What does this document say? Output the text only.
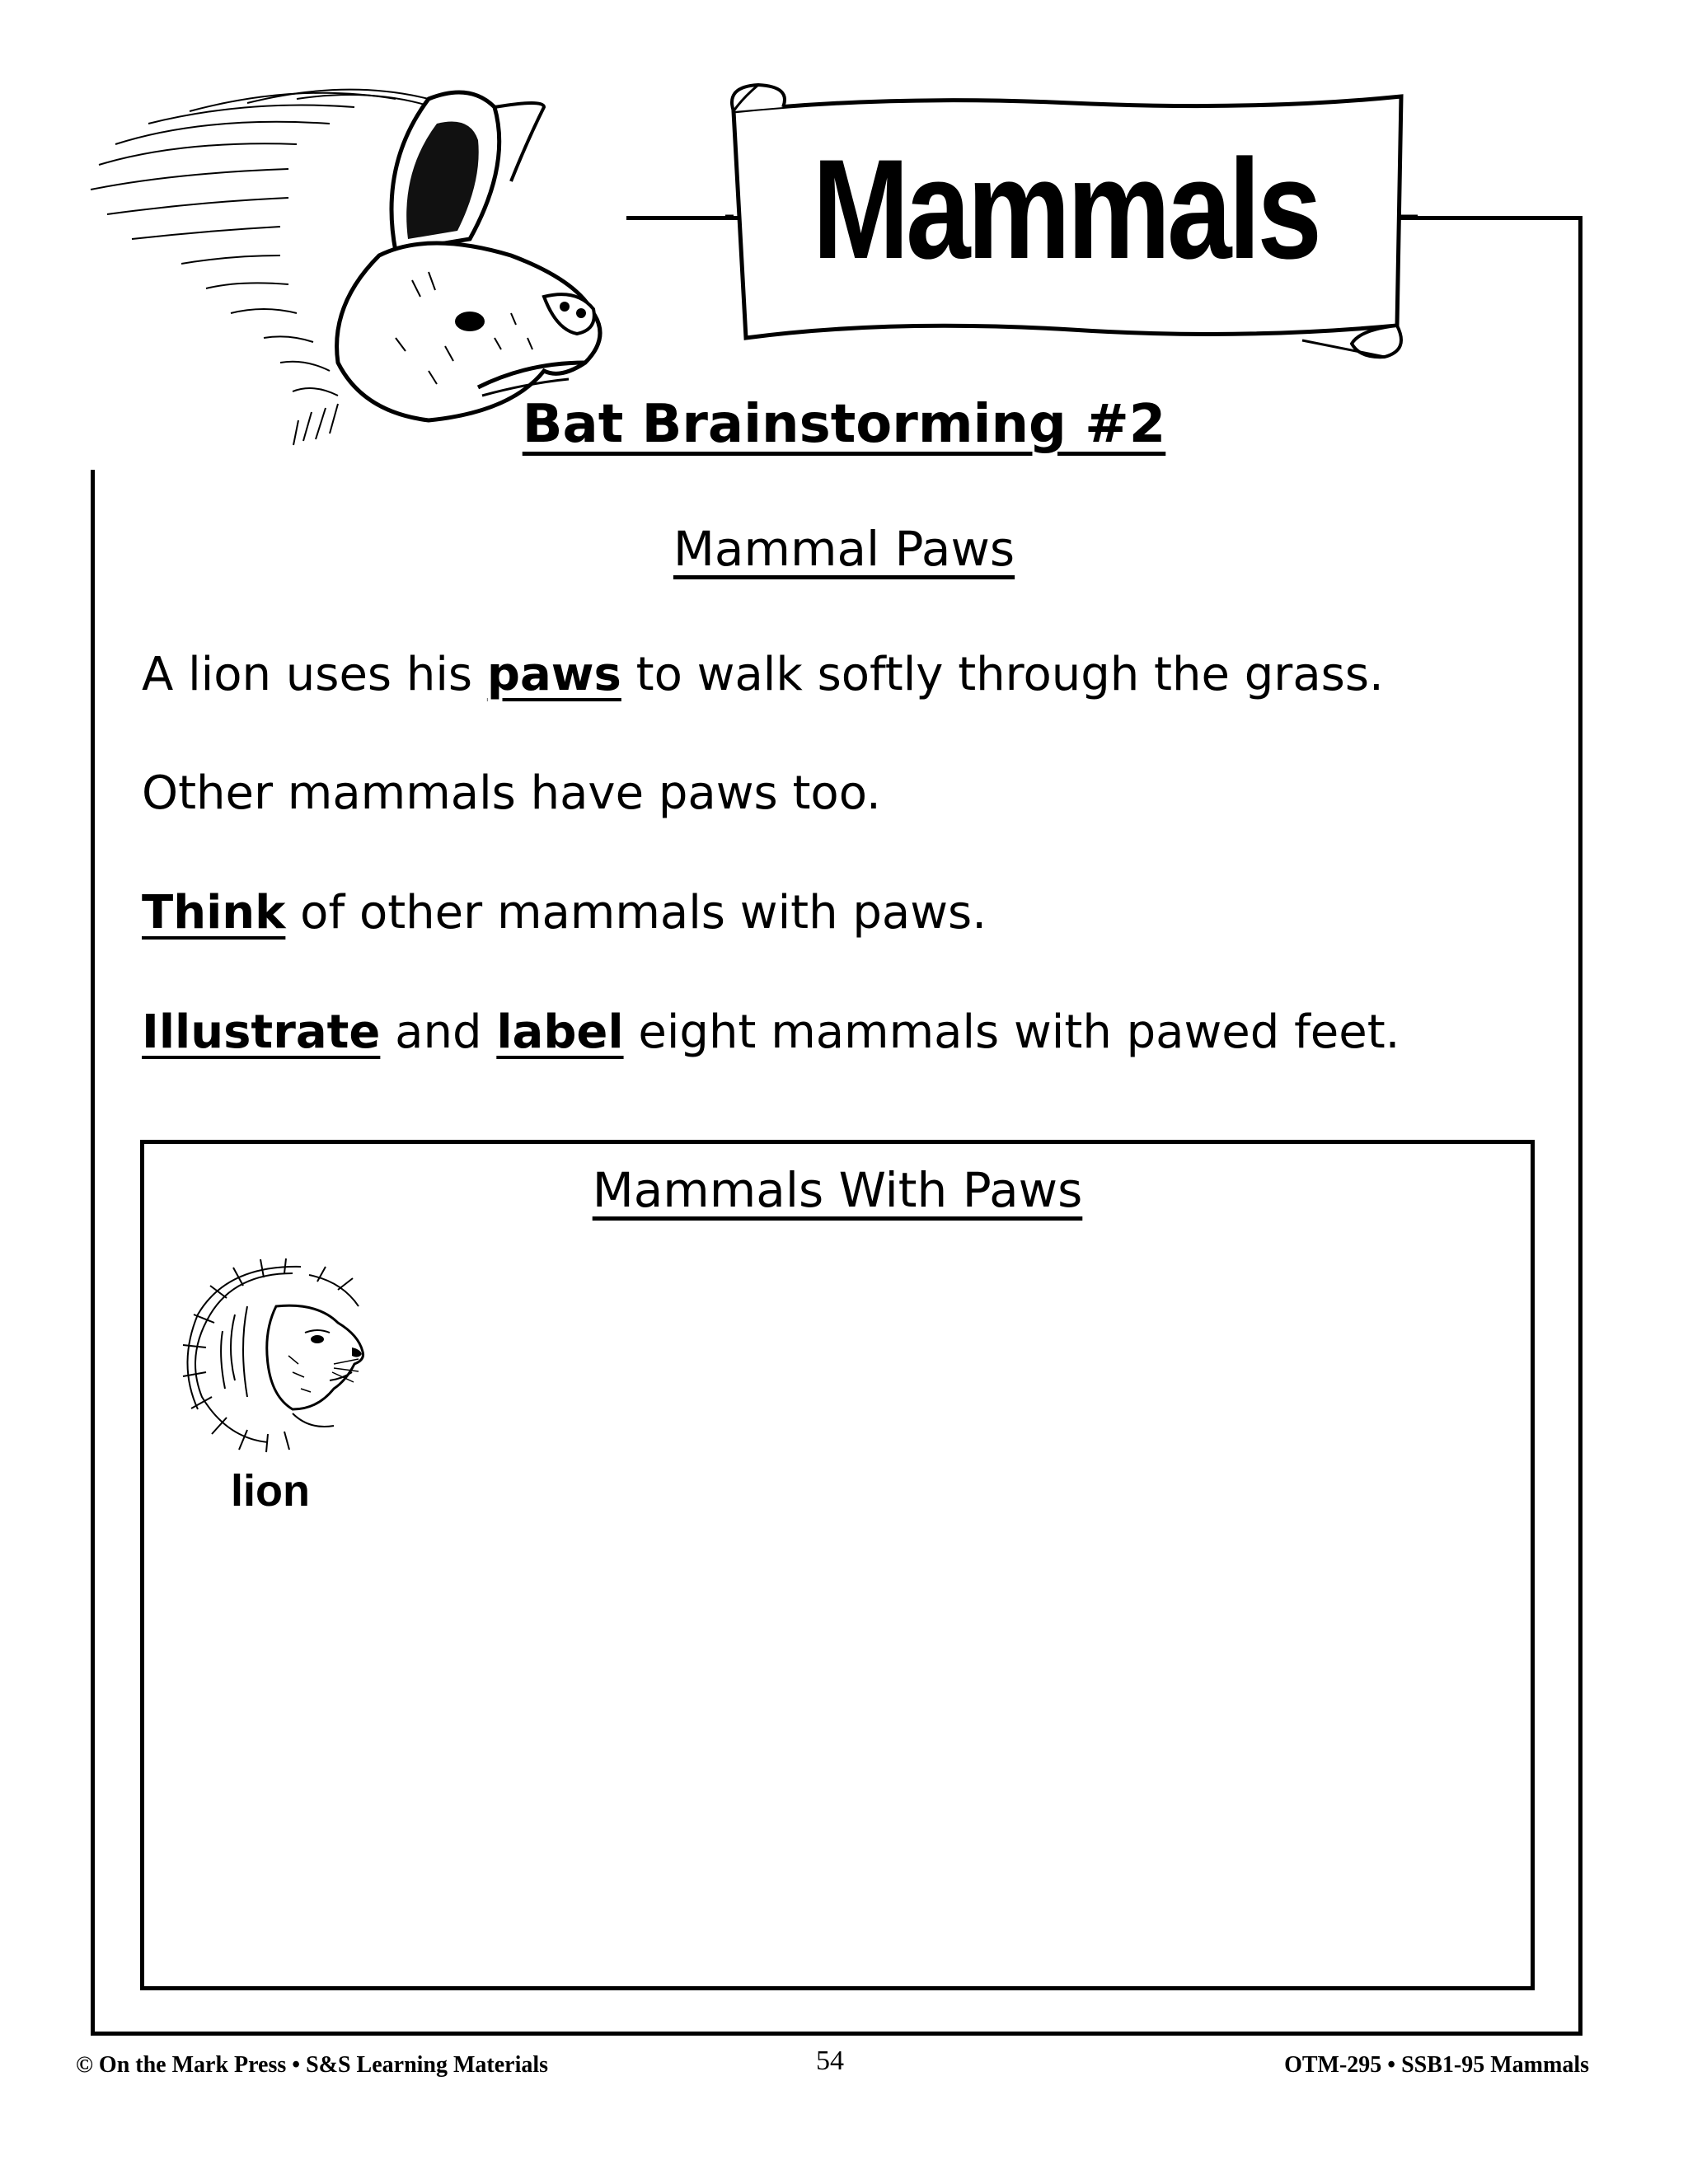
Mammals
Bat Brainstorming #2
Mammal Paws
A lion uses his paws to walk softly through the grass.
Other mammals have paws too.
Think of other mammals with paws.
Illustrate and label eight mammals with pawed feet.
Mammals With Paws
lion
© On the Mark Press • S&S Learning Materials	54	OTM-295 • SSB1-95 Mammals
